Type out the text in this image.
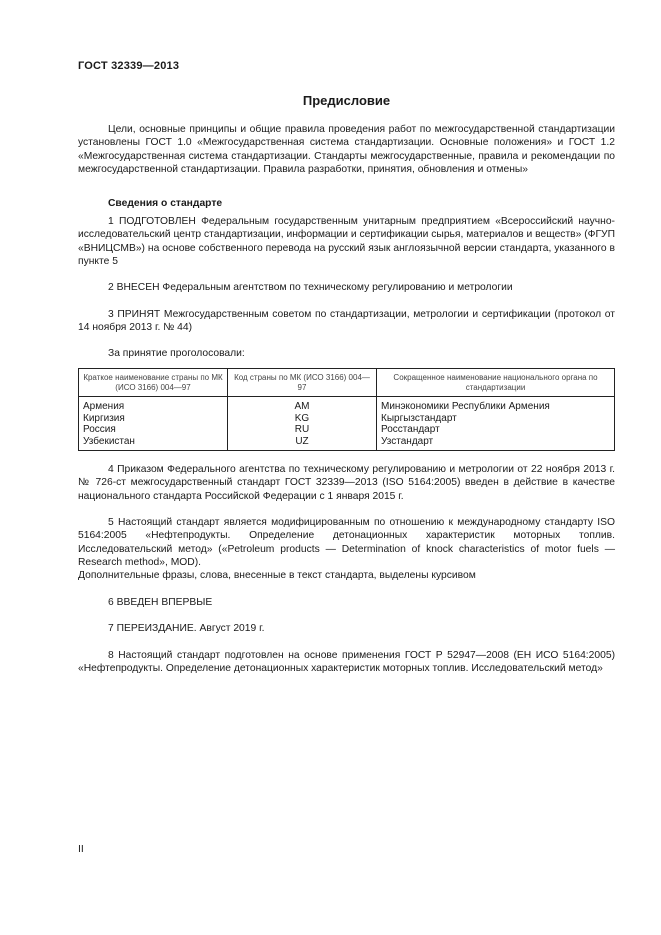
ГОСТ 32339—2013
Предисловие

Цели, основные принципы и общие правила проведения работ по межгосударственной стандартизации установлены ГОСТ 1.0 «Межгосударственная система стандартизации. Основные положения» и ГОСТ 1.2 «Межгосударственная система стандартизации. Стандарты межгосударственные, правила и рекомендации по межгосударственной стандартизации. Правила разработки, принятия, обновления и отмены»

Сведения о стандарте

1 ПОДГОТОВЛЕН Федеральным государственным унитарным предприятием «Всероссийский научно-исследовательский центр стандартизации, информации и сертификации сырья, материалов и веществ» (ФГУП «ВНИЦСМВ») на основе собственного перевода на русский язык англоязычной версии стандарта, указанного в пункте 5

2 ВНЕСЕН Федеральным агентством по техническому регулированию и метрологии

3 ПРИНЯТ Межгосударственным советом по стандартизации, метрологии и сертификации (протокол от 14 ноября 2013 г. № 44)

За принятие проголосовали:

Краткое наименование страны по МК (ИСО 3166) 004—97	Код страны по МК (ИСО 3166) 004—97	Сокращенное наименование национального органа по стандартизации
Армения	AM	Минэкономики Республики Армения
Киргизия	KG	Кыргызстандарт
Россия	RU	Росстандарт
Узбекистан	UZ	Узстандарт

4 Приказом Федерального агентства по техническому регулированию и метрологии от 22 ноября 2013 г. № 726-ст межгосударственный стандарт ГОСТ 32339—2013 (ISO 5164:2005) введен в действие в качестве национального стандарта Российской Федерации с 1 января 2015 г.

5 Настоящий стандарт является модифицированным по отношению к международному стандарту ISO 5164:2005 «Нефтепродукты. Определение детонационных характеристик моторных топлив. Исследовательский метод» («Petroleum products — Determination of knock characteristics of motor fuels — Research method», MOD).

Дополнительные фразы, слова, внесенные в текст стандарта, выделены курсивом

6 ВВЕДЕН ВПЕРВЫЕ

7 ПЕРЕИЗДАНИЕ. Август 2019 г.

8 Настоящий стандарт подготовлен на основе применения ГОСТ Р 52947—2008 (ЕН ИСО 5164:2005) «Нефтепродукты. Определение детонационных характеристик моторных топлив. Исследовательский метод»

II
